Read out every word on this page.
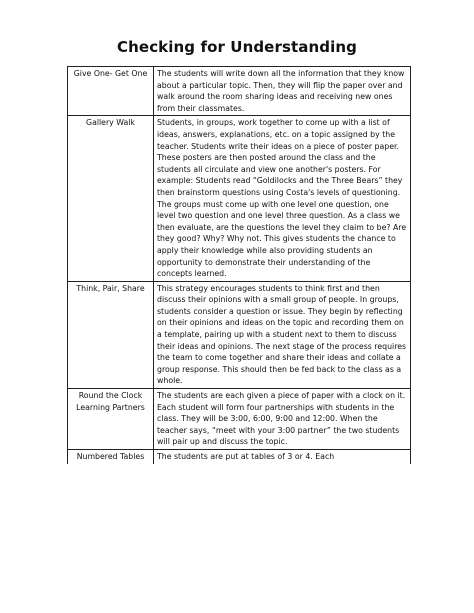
Checking for Understanding
Give One- Get One	The students will write down all the information that they know about a particular topic. Then, they will flip the paper over and walk around the room sharing ideas and receiving new ones from their classmates.
Gallery Walk	Students, in groups, work together to come up with a list of ideas, answers, explanations, etc. on a topic assigned by the teacher. Students write their ideas on a piece of poster paper. These posters are then posted around the class and the students all circulate and view one another's posters. For example: Students read “Goldilocks and the Three Bears” they then brainstorm questions using Costa's levels of questioning. The groups must come up with one level one question, one level two question and one level three question. As a class we then evaluate, are the questions the level they claim to be? Are they good? Why? Why not. This gives students the chance to apply their knowledge while also providing students an opportunity to demonstrate their understanding of the concepts learned.
Think, Pair, Share	This strategy encourages students to think first and then discuss their opinions with a small group of people. In groups, students consider a question or issue. They begin by reflecting on their opinions and ideas on the topic and recording them on a template, pairing up with a student next to them to discuss their ideas and opinions. The next stage of the process requires the team to come together and share their ideas and collate a group response. This should then be fed back to the class as a whole.
Round the Clock Learning Partners	The students are each given a piece of paper with a clock on it. Each student will form four partnerships with students in the class. They will be 3:00, 6:00, 9:00 and 12:00. When the teacher says, “meet with your 3:00 partner” the two students will pair up and discuss the topic.
Numbered Tables	The students are put at tables of 3 or 4. Each
